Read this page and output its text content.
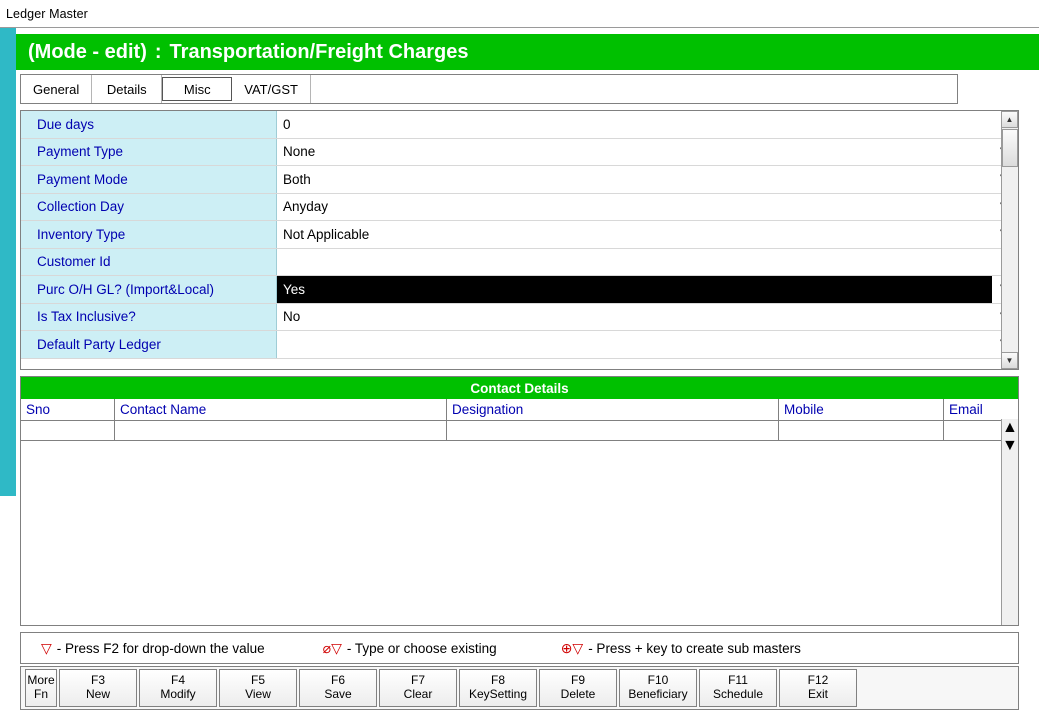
Ledger Master
(Mode - edit) : Transportation/Freight Charges
General Details	Misc	VAT/GST
Due days	0
Payment Type	None
Payment Mode	Both
Collection Day	Anyday
Inventory Type	Not Applicable
Customer Id
Purc O/H GL? (Import&Local)	Yes
Is Tax Inclusive?	No
Default Party Ledger
▲
▼
Contact Details
Sno	Contact Name	Designation	Mobile	Email
▲
▼
▽ - Press F2 for drop-down the value	⌀▽ - Type or choose existing	⊕▽ - Press + key to create sub masters
More
Fn
F3
New
F4
Modify
F5
View
F6
Save
F7
Clear
F8
KeySetting
F9
Delete
F10
Beneficiary
F11
Schedule
F12
Exit
